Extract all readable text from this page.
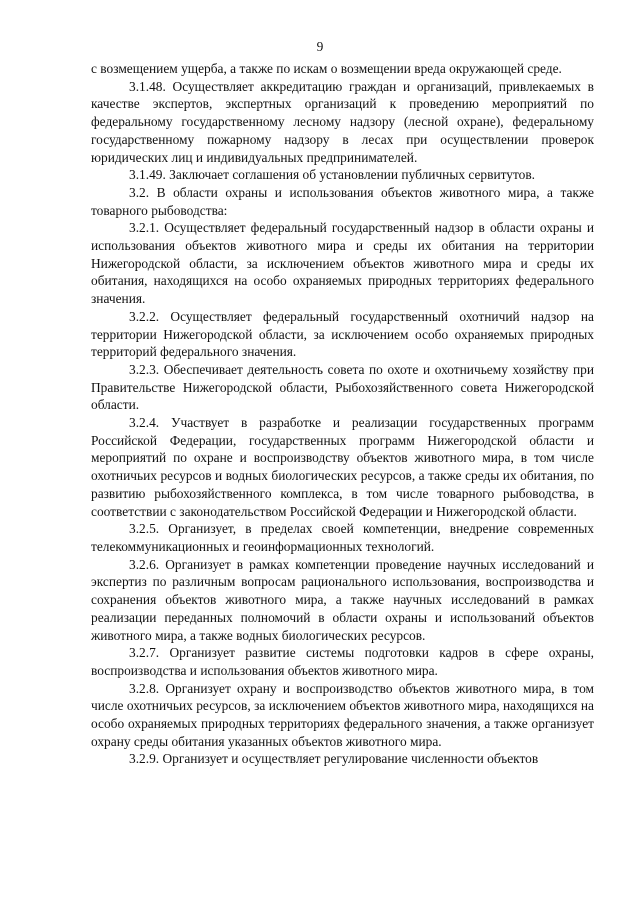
9

с возмещением ущерба, а также по искам о возмещении вреда окружающей среде.

3.1.48. Осуществляет аккредитацию граждан и организаций, привлекаемых в качестве экспертов, экспертных организаций к проведению мероприятий по федеральному государственному лесному надзору (лесной охране), федеральному государственному пожарному надзору в лесах при осуществлении проверок юридических лиц и индивидуальных предпринимателей.

3.1.49. Заключает соглашения об установлении публичных сервитутов.

3.2. В области охраны и использования объектов животного мира, а также товарного рыбоводства:

3.2.1. Осуществляет федеральный государственный надзор в области охраны и использования объектов животного мира и среды их обитания на территории Нижегородской области, за исключением объектов животного мира и среды их обитания, находящихся на особо охраняемых природных территориях федерального значения.

3.2.2. Осуществляет федеральный государственный охотничий надзор на территории Нижегородской области, за исключением особо охраняемых природных территорий федерального значения.

3.2.3. Обеспечивает деятельность совета по охоте и охотничьему хозяйству при Правительстве Нижегородской области, Рыбохозяйственного совета Нижегородской области.

3.2.4. Участвует в разработке и реализации государственных программ Российской Федерации, государственных программ Нижегородской области и мероприятий по охране и воспроизводству объектов животного мира, в том числе охотничьих ресурсов и водных биологических ресурсов, а также среды их обитания, по развитию рыбохозяйственного комплекса, в том числе товарного рыбоводства, в соответствии с законодательством Российской Федерации и Нижегородской области.

3.2.5. Организует, в пределах своей компетенции, внедрение современных телекоммуникационных и геоинформационных технологий.

3.2.6. Организует в рамках компетенции проведение научных исследований и экспертиз по различным вопросам рационального использования, воспроизводства и сохранения объектов животного мира, а также научных исследований в рамках реализации переданных полномочий в области охраны и использований объектов животного мира, а также водных биологических ресурсов.

3.2.7. Организует развитие системы подготовки кадров в сфере охраны, воспроизводства и использования объектов животного мира.

3.2.8. Организует охрану и воспроизводство объектов животного мира, в том числе охотничьих ресурсов, за исключением объектов животного мира, находящихся на особо охраняемых природных территориях федерального значения, а также организует охрану среды обитания указанных объектов животного мира.

3.2.9. Организует и осуществляет регулирование численности объектов
